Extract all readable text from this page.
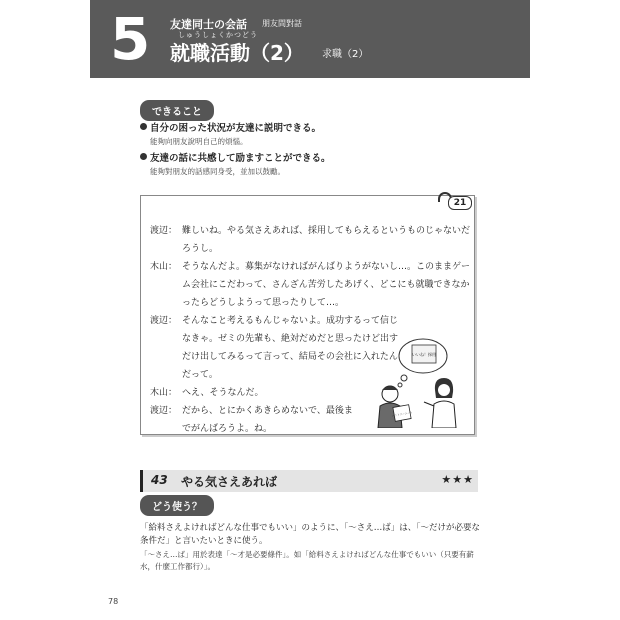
5 友達同士の会話 朋友間對話
しゅうしょくかつどう
就職活動（2） 求職（2）
できること
自分の困った状況が友達に説明できる。
能夠向朋友說明自己的煩惱。
友達の話に共感して励ますことができる。
能夠對朋友的話感同身受，並加以鼓勵。
21
渡辺： 難しいね。やる気さえあれば、採用してもらえるというものじゃないだろうし。
木山： そうなんだよ。募集がなければがんばりようがないし…。このままゲーム会社にこだわって、さんざん苦労したあげく、どこにも就職できなかったらどうしようって思ったりして…。
渡辺： そんなこと考えるもんじゃないよ。成功するって信じなきゃ。ゼミの先輩も、絶対だめだと思ったけど出すだけ出してみるって言って、結局その会社に入れたんだって。
木山： へえ、そうなんだ。
渡辺： だから、とにかくあきらめないで、最後までがんばろうよ。ね。
いいね！採用
エントリーシート
43 やる気さえあれば	★★★
どう使う？
「給料さえよければどんな仕事でもいい」のように、「〜さえ…ば」は、「〜だけが必要な条件だ」と言いたいときに使う。
「〜さえ…ば」用於表達「〜才是必要條件」。如「給料さえよければどんな仕事でもいい（只要有薪水，什麼工作都行）」。
78
